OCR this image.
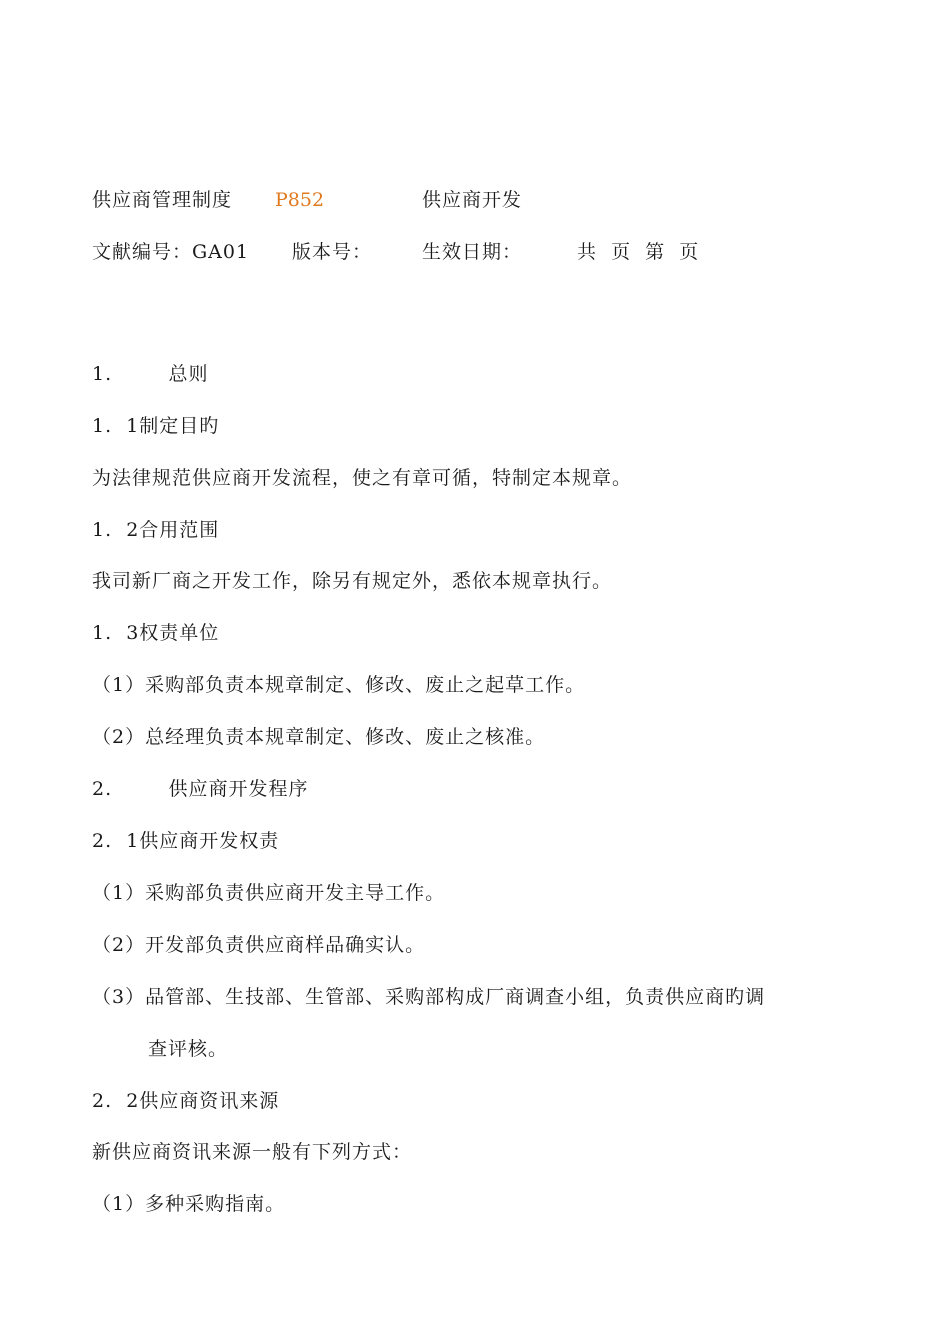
供应商管理制度 P852	供应商开发
文献编号：GA01 版本号：	生效日期：	共  页  第  页
1.        总则
1.  1制定目旳
为法律规范供应商开发流程，使之有章可循，特制定本规章。
1.  2合用范围
我司新厂商之开发工作，除另有规定外，悉依本规章执行。
1.  3权责单位
（1）采购部负责本规章制定、修改、废止之起草工作。
（2）总经理负责本规章制定、修改、废止之核准。
2.        供应商开发程序
2.  1供应商开发权责
（1）采购部负责供应商开发主导工作。
（2）开发部负责供应商样品确实认。
（3）品管部、生技部、生管部、采购部构成厂商调查小组，负责供应商旳调
查评核。
2.  2供应商资讯来源
新供应商资讯来源一般有下列方式：
（1）多种采购指南。
